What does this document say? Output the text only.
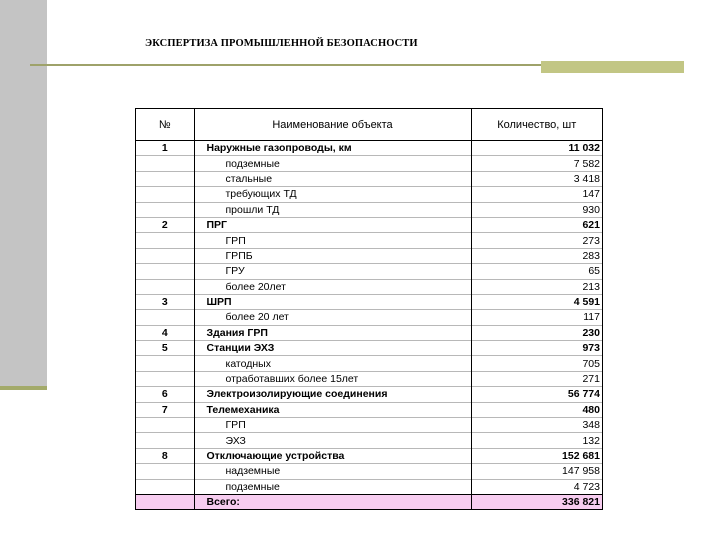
ЭКСПЕРТИЗА ПРОМЫШЛЕННОЙ БЕЗОПАСНОСТИ
№	Наименование объекта	Количество, шт
1	Наружные газопроводы, км	11 032
	подземные	7 582
	стальные	3 418
	требующих ТД	147
	прошли ТД	930
2	ПРГ	621
	ГРП	273
	ГРПБ	283
	ГРУ	65
	более 20лет	213
3	ШРП	4 591
	более 20 лет	117
4	Здания ГРП	230
5	Станции ЭХЗ	973
	катодных	705
	отработавших более 15лет	271
6	Электроизолирующие соединения	56 774
7	Телемеханика	480
	ГРП	348
	ЭХЗ	132
8	Отключающие устройства	152 681
	надземные	147 958
	подземные	4 723
	Всего:	336 821
